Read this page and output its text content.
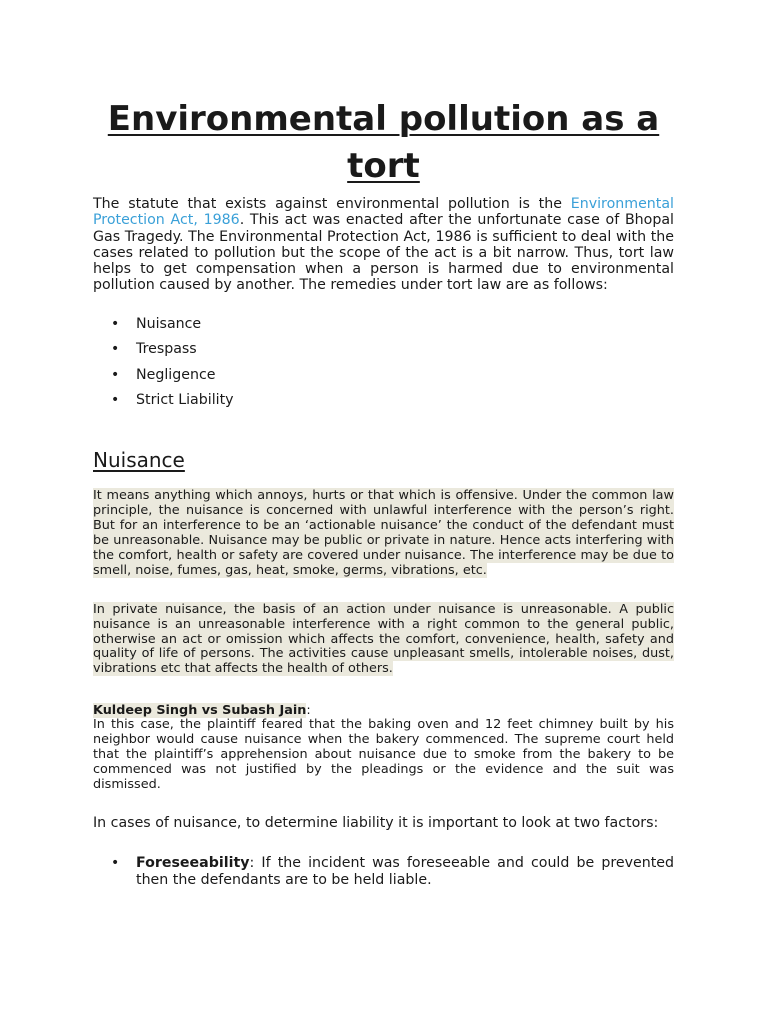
Environmental pollution as a tort

The statute that exists against environmental pollution is the Environmental Protection Act, 1986. This act was enacted after the unfortunate case of Bhopal Gas Tragedy. The Environmental Protection Act, 1986 is sufficient to deal with the cases related to pollution but the scope of the act is a bit narrow. Thus, tort law helps to get compensation when a person is harmed due to environmental pollution caused by another. The remedies under tort law are as follows:

• Nuisance
• Trespass
• Negligence
• Strict Liability
Nuisance

It means anything which annoys, hurts or that which is offensive. Under the common law principle, the nuisance is concerned with unlawful interference with the person’s right. But for an interference to be an ‘actionable nuisance’ the conduct of the defendant must be unreasonable. Nuisance may be public or private in nature. Hence acts interfering with the comfort, health or safety are covered under nuisance. The interference may be due to smell, noise, fumes, gas, heat, smoke, germs, vibrations, etc.

In private nuisance, the basis of an action under nuisance is unreasonable. A public nuisance is an unreasonable interference with a right common to the general public, otherwise an act or omission which affects the comfort, convenience, health, safety and quality of life of persons. The activities cause unpleasant smells, intolerable noises, dust, vibrations etc that affects the health of others.

Kuldeep Singh vs Subash Jain:

In this case, the plaintiff feared that the baking oven and 12 feet chimney built by his neighbor would cause nuisance when the bakery commenced. The supreme court held that the plaintiff’s apprehension about nuisance due to smoke from the bakery to be commenced was not justified by the pleadings or the evidence and the suit was dismissed.

In cases of nuisance, to determine liability it is important to look at two factors:

• Foreseeability: If the incident was foreseeable and could be prevented then the defendants are to be held liable.
